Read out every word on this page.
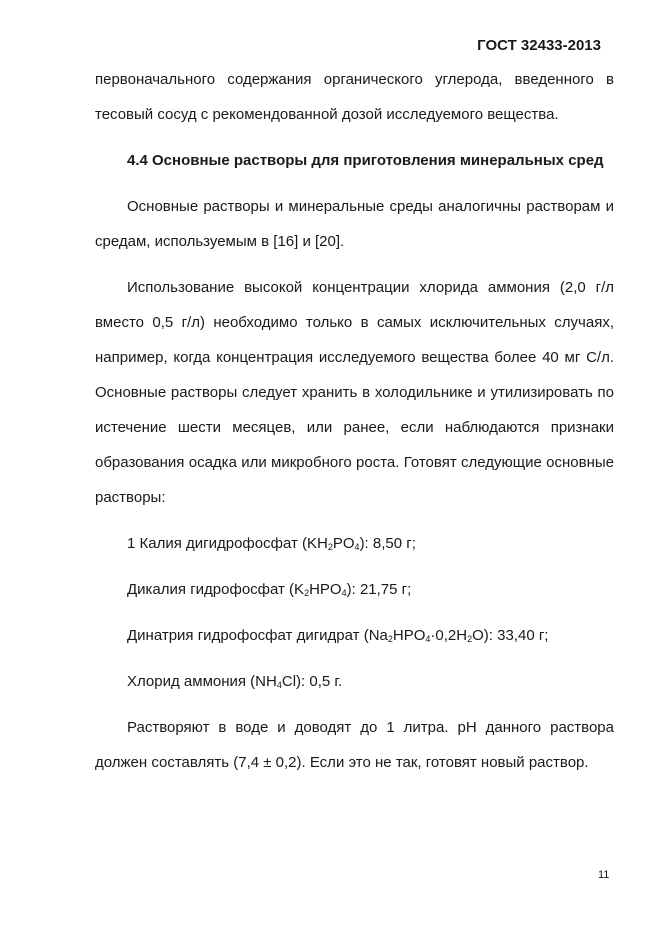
ГОСТ 32433-2013

первоначального содержания органического углерода, введенного в тесовый сосуд с рекомендованной дозой исследуемого вещества.

4.4 Основные растворы для приготовления минеральных сред

Основные растворы и минеральные среды аналогичны растворам и средам, используемым в [16] и [20].

Использование высокой концентрации хлорида аммония (2,0 г/л вместо 0,5 г/л) необходимо только в самых исключительных случаях, например, когда концентрация исследуемого вещества более 40 мг С/л. Основные растворы следует хранить в холодильнике и утилизировать по истечение шести месяцев, или ранее, если наблюдаются признаки образования осадка или микробного роста. Готовят следующие основные растворы:

1 Калия дигидрофосфат $(KH_2PO_4)$: 8,50 г;

Дикалия гидрофосфат $(K_2HPO_4)$: 21,75 г;

Динатрия гидрофосфат дигидрат $(Na_2HPO_4\cdot 0,2H_2O)$: 33,40 г;

Хлорид аммония $(NH_4Cl)$: 0,5 г.

Растворяют в воде и доводят до 1 литра. рН данного раствора должен составлять (7,4 ± 0,2). Если это не так, готовят новый раствор.

11
